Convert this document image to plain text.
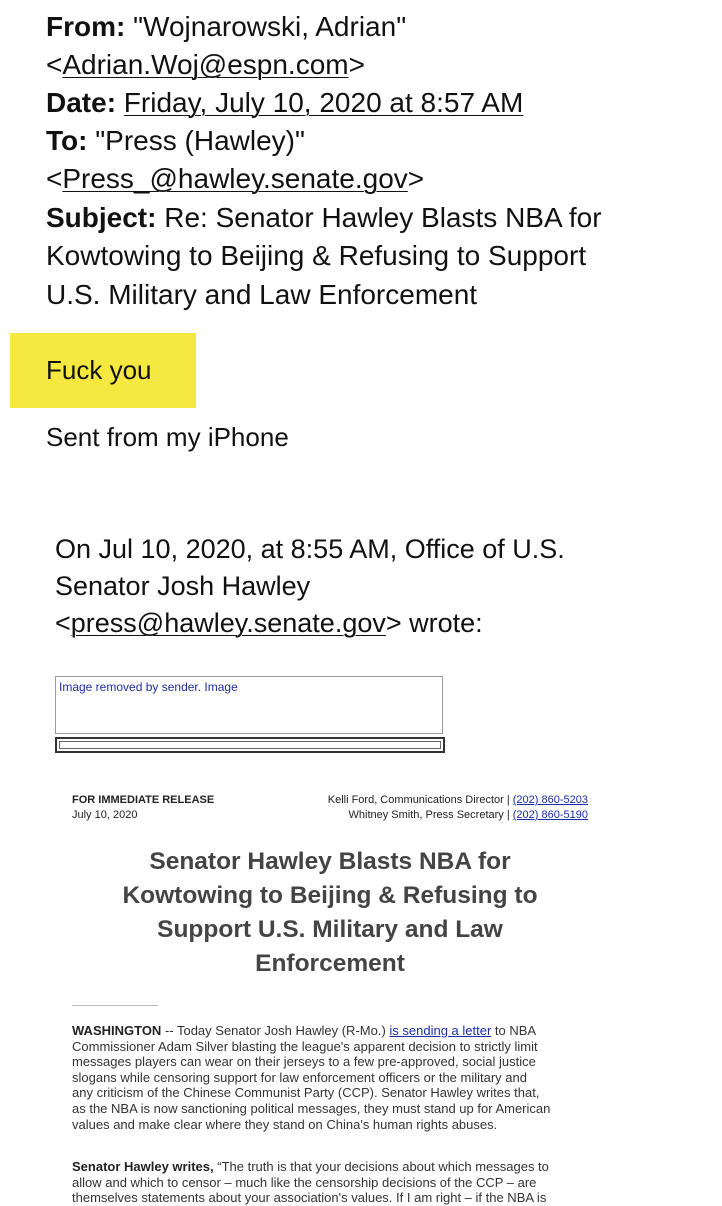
From: "Wojnarowski, Adrian"
<Adrian.Woj@espn.com>
Date: Friday, July 10, 2020 at 8:57 AM
To: "Press (Hawley)"
<Press_@hawley.senate.gov>
Subject: Re: Senator Hawley Blasts NBA for
Kowtowing to Beijing & Refusing to Support
U.S. Military and Law Enforcement
Fuck you
Sent from my iPhone
On Jul 10, 2020, at 8:55 AM, Office of U.S.
Senator Josh Hawley
<press@hawley.senate.gov> wrote:
Image removed by sender. Image
FOR IMMEDIATE RELEASE
July 10, 2020
Kelli Ford, Communications Director | (202) 860-5203
Whitney Smith, Press Secretary | (202) 860-5190
Senator Hawley Blasts NBA for
Kowtowing to Beijing & Refusing to
Support U.S. Military and Law
Enforcement
WASHINGTON -- Today Senator Josh Hawley (R-Mo.) is sending a letter to NBA
Commissioner Adam Silver blasting the league's apparent decision to strictly limit
messages players can wear on their jerseys to a few pre-approved, social justice
slogans while censoring support for law enforcement officers or the military and
any criticism of the Chinese Communist Party (CCP). Senator Hawley writes that,
as the NBA is now sanctioning political messages, they must stand up for American
values and make clear where they stand on China's human rights abuses.
Senator Hawley writes, “The truth is that your decisions about which messages to
allow and which to censor – much like the censorship decisions of the CCP – are
themselves statements about your association's values. If I am right – if the NBA is
